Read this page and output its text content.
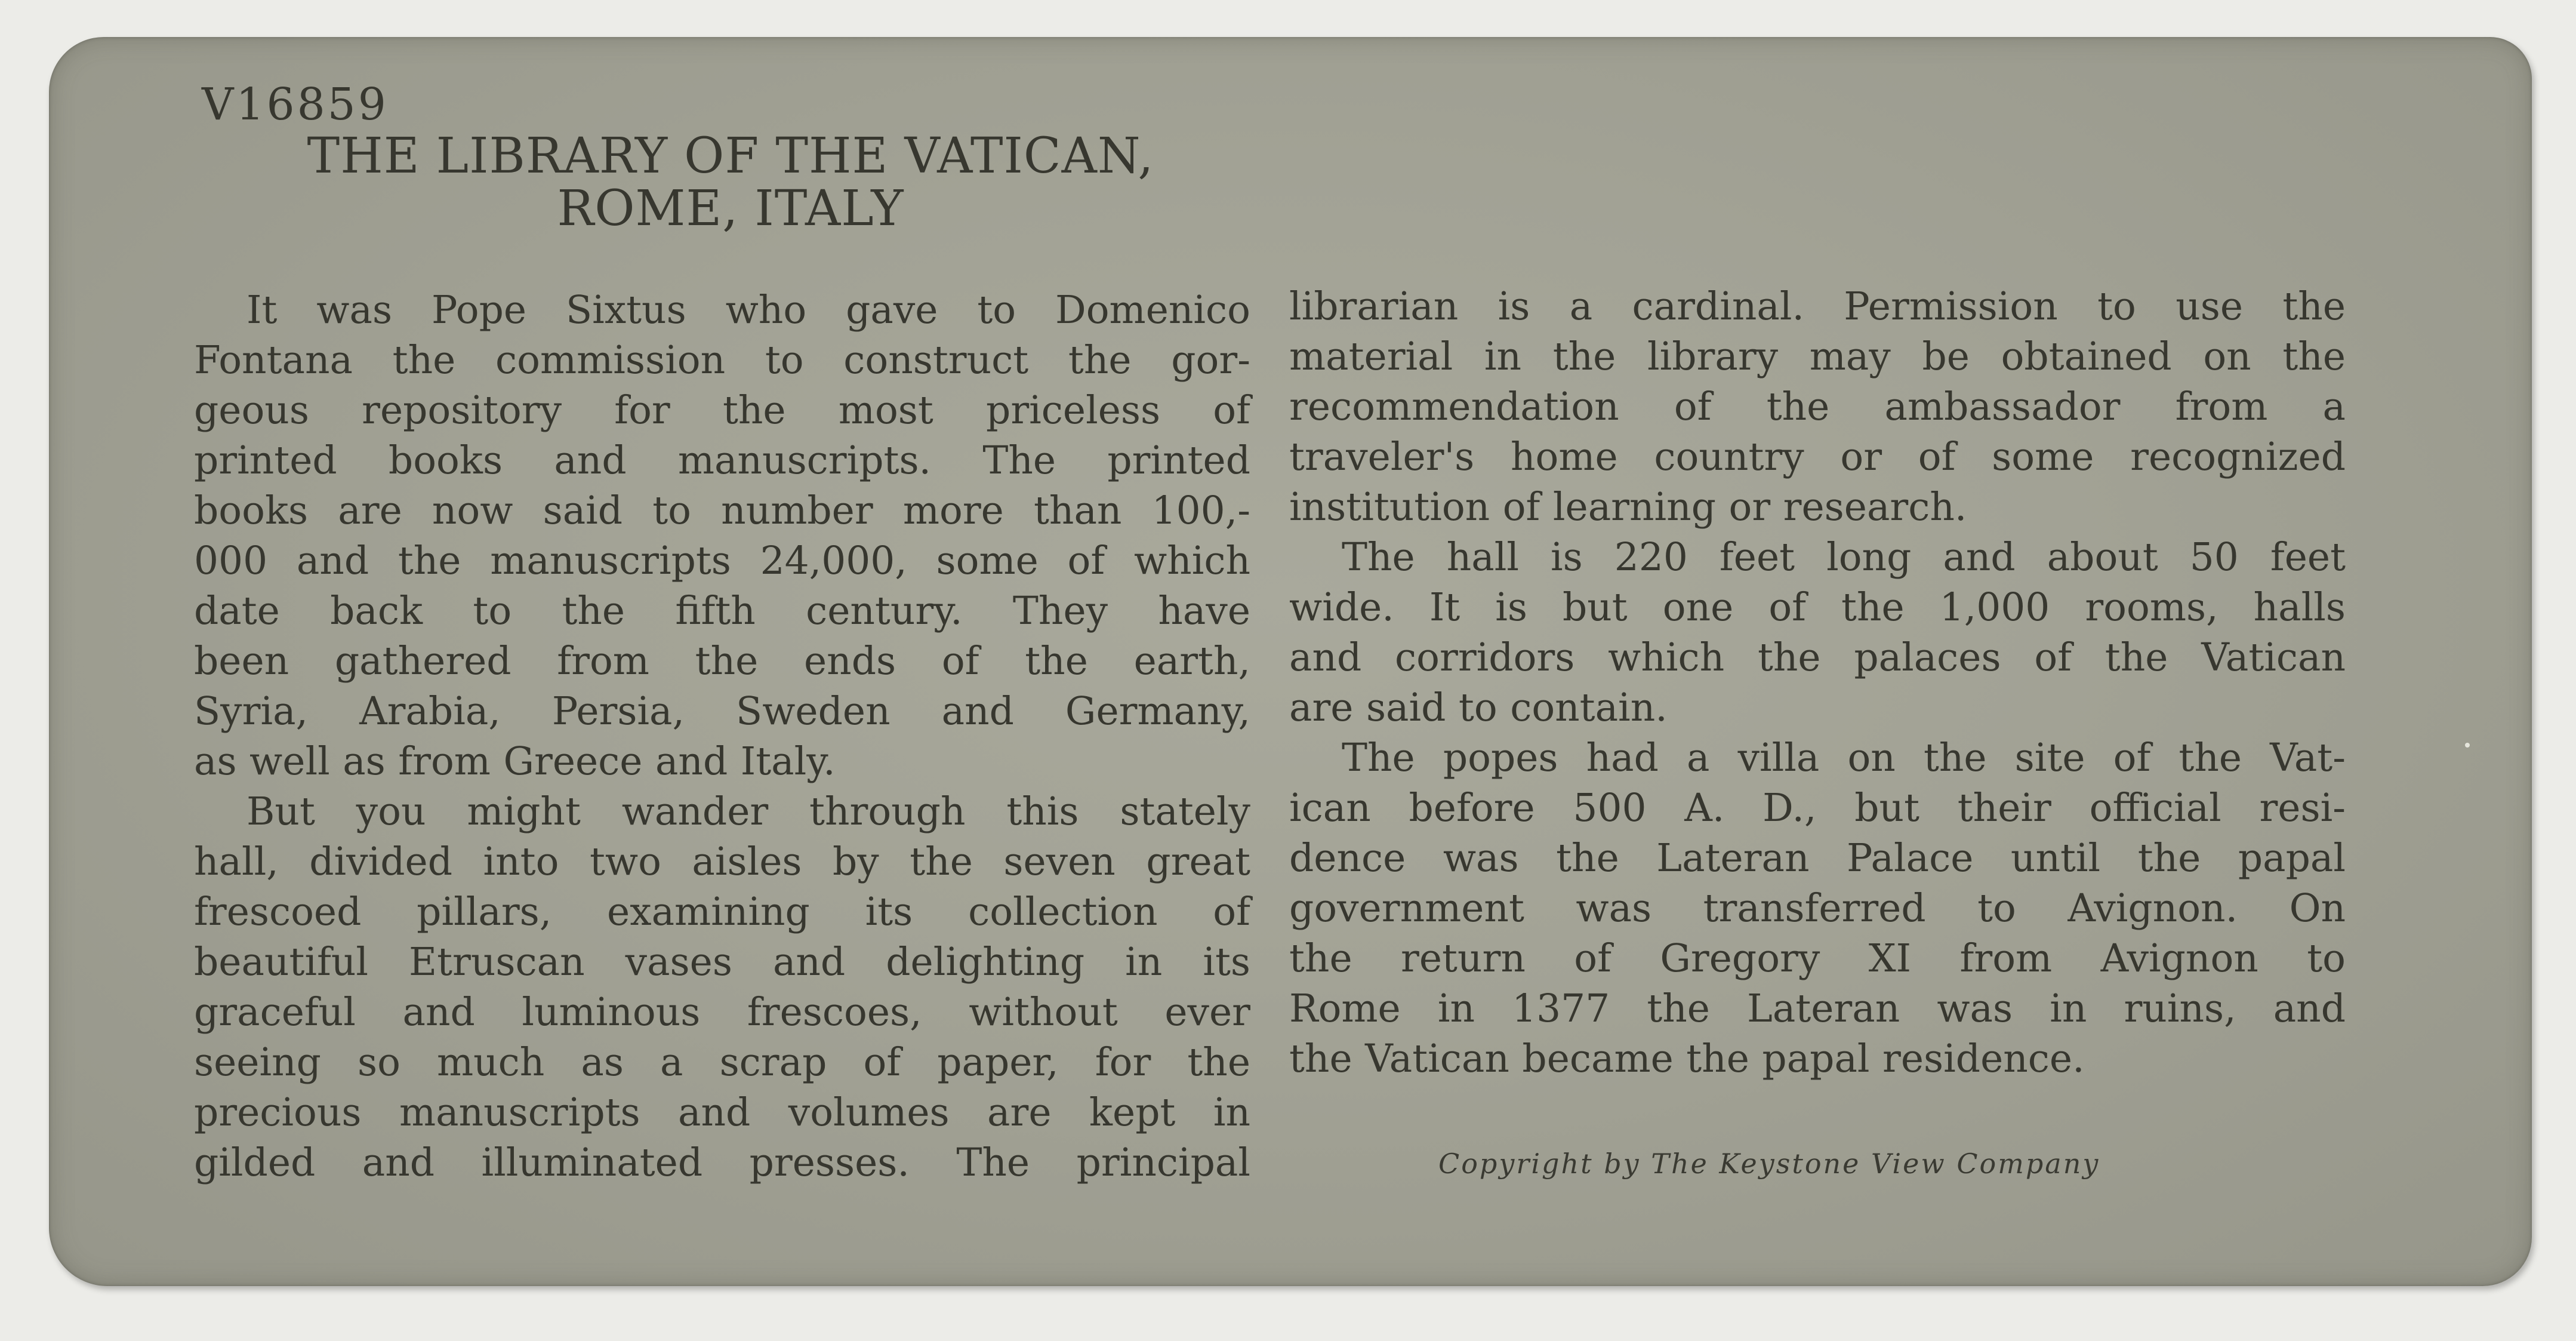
V16859
THE LIBRARY OF THE VATICAN,
ROME, ITALY
It was Pope Sixtus who gave to Domenico
Fontana the commission to construct the gor-
geous repository for the most priceless of
printed books and manuscripts. The printed
books are now said to number more than 100,-
000 and the manuscripts 24,000, some of which
date back to the fifth century. They have
been gathered from the ends of the earth,
Syria, Arabia, Persia, Sweden and Germany,
as well as from Greece and Italy.
But you might wander through this stately
hall, divided into two aisles by the seven great
frescoed pillars, examining its collection of
beautiful Etruscan vases and delighting in its
graceful and luminous frescoes, without ever
seeing so much as a scrap of paper, for the
precious manuscripts and volumes are kept in
gilded and illuminated presses. The principal
librarian is a cardinal. Permission to use the
material in the library may be obtained on the
recommendation of the ambassador from a
traveler's home country or of some recognized
institution of learning or research.
The hall is 220 feet long and about 50 feet
wide. It is but one of the 1,000 rooms, halls
and corridors which the palaces of the Vatican
are said to contain.
The popes had a villa on the site of the Vat-
ican before 500 A. D., but their official resi-
dence was the Lateran Palace until the papal
government was transferred to Avignon. On
the return of Gregory XI from Avignon to
Rome in 1377 the Lateran was in ruins, and
the Vatican became the papal residence.
Copyright by The Keystone View Company
